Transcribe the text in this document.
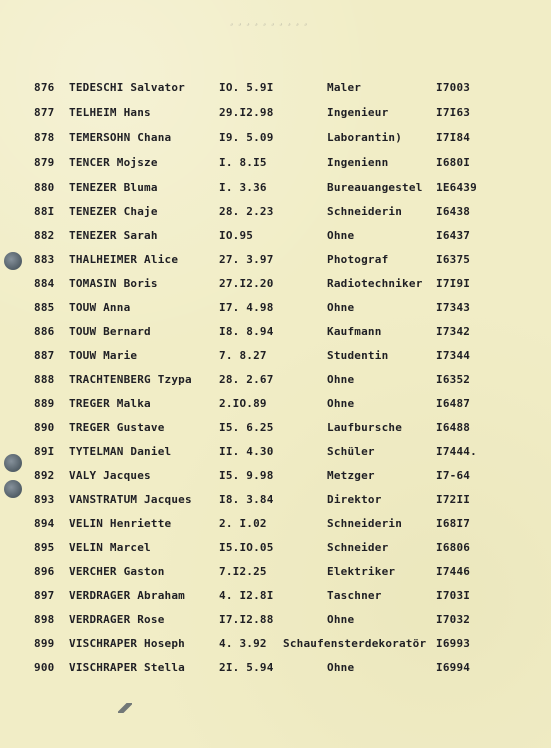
¸¸¸¸¸¸¸¸¸¸
876	TEDESCHI Salvator	IO. 5.9I	Maler	I7003
877	TELHEIM Hans	29.I2.98	Ingenieur	I7I63
878	TEMERSOHN Chana	I9. 5.09	Laborantin)	I7I84
879	TENCER Mojsze	I. 8.I5	Ingenienn	I680I
880	TENEZER Bluma	I. 3.36	Bureauangestel	1E6439
88I	TENEZER Chaje	28. 2.23	Schneiderin	I6438
882	TENEZER Sarah	IO.95	Ohne	I6437
883	THALHEIMER Alice	27. 3.97	Photograf	I6375
884	TOMASIN Boris	27.I2.20	Radiotechniker	I7I9I
885	TOUW Anna	I7. 4.98	Ohne	I7343
886	TOUW Bernard	I8. 8.94	Kaufmann	I7342
887	TOUW Marie	7. 8.27	Studentin	I7344
888	TRACHTENBERG Tzypa	28. 2.67	Ohne	I6352
889	TREGER Malka	2.IO.89	Ohne	I6487
890	TREGER Gustave	I5. 6.25	Laufbursche	I6488
89I	TYTELMAN Daniel	II. 4.30	Schüler	I7444.
892	VALY Jacques	I5. 9.98	Metzger	I7‑64
893	VANSTRATUM Jacques	I8. 3.84	Direktor	I72II
894	VELIN Henriette	2. I.02	Schneiderin	I68I7
895	VELIN Marcel	I5.IO.05	Schneider	I6806
896	VERCHER Gaston	7.I2.25	Elektriker	I7446
897	VERDRAGER Abraham	4. I2.8I	Taschner	I703I
898	VERDRAGER Rose	I7.I2.88	Ohne	I7032
899	VISCHRAPER Hoseph	4. 3.92	Schaufensterdekoratör I6993
900	VISCHRAPER Stella	2I. 5.94	Ohne	I6994
